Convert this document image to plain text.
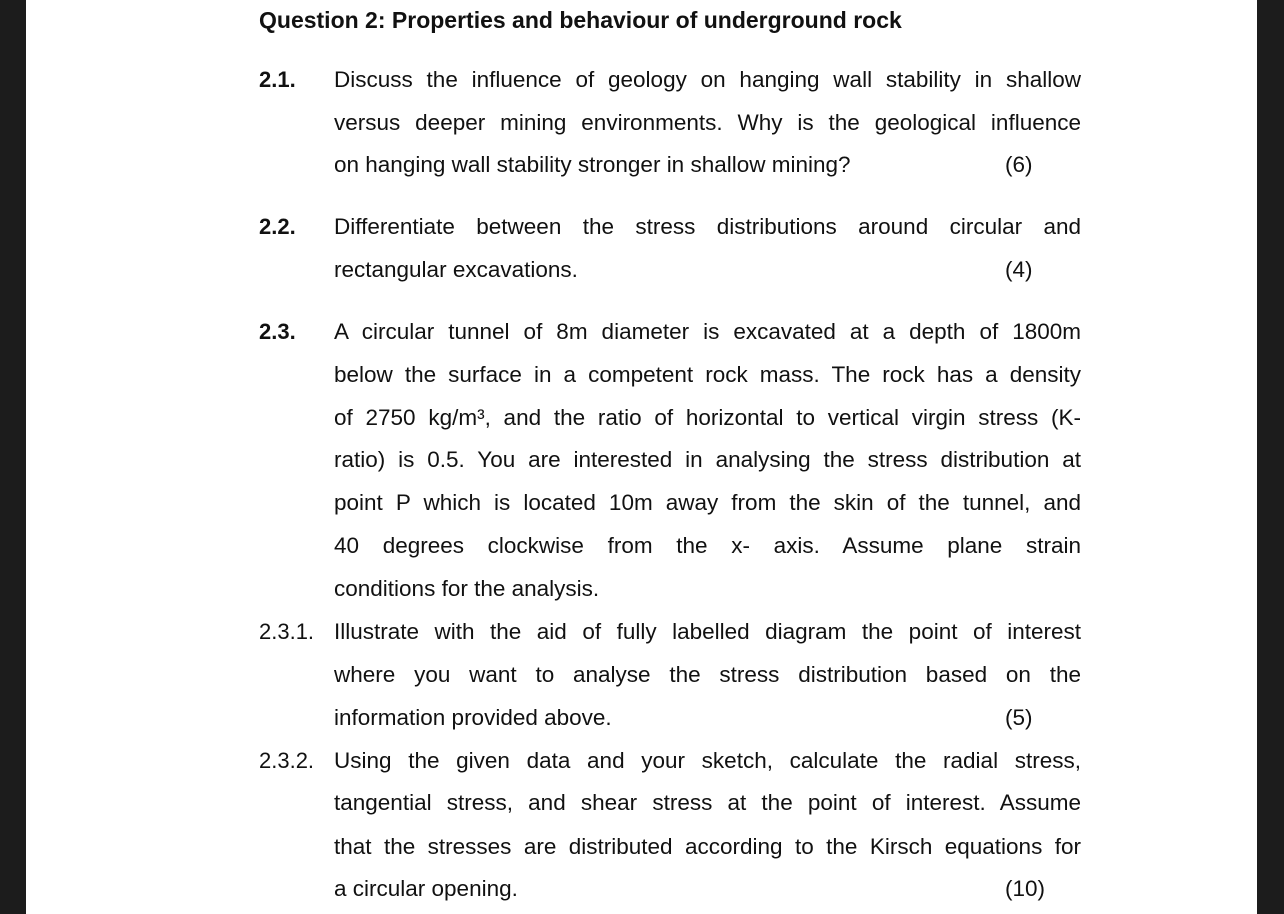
Question 2: Properties and behaviour of underground rock
2.1. Discuss the influence of geology on hanging wall stability in shallow
versus deeper mining environments. Why is the geological influence
on hanging wall stability stronger in shallow mining?	(6)
2.2. Differentiate between the stress distributions around circular and
rectangular excavations.	(4)
2.3. A circular tunnel of 8m diameter is excavated at a depth of 1800m
below the surface in a competent rock mass. The rock has a density
of 2750 kg/m³, and the ratio of horizontal to vertical virgin stress (K-
ratio) is 0.5. You are interested in analysing the stress distribution at
point P which is located 10m away from the skin of the tunnel, and
40 degrees clockwise from the x- axis. Assume plane strain
conditions for the analysis.
2.3.1. Illustrate with the aid of fully labelled diagram the point of interest
where you want to analyse the stress distribution based on the
information provided above.	(5)
2.3.2. Using the given data and your sketch, calculate the radial stress,
tangential stress, and shear stress at the point of interest. Assume
that the stresses are distributed according to the Kirsch equations for
a circular opening.	(10)
